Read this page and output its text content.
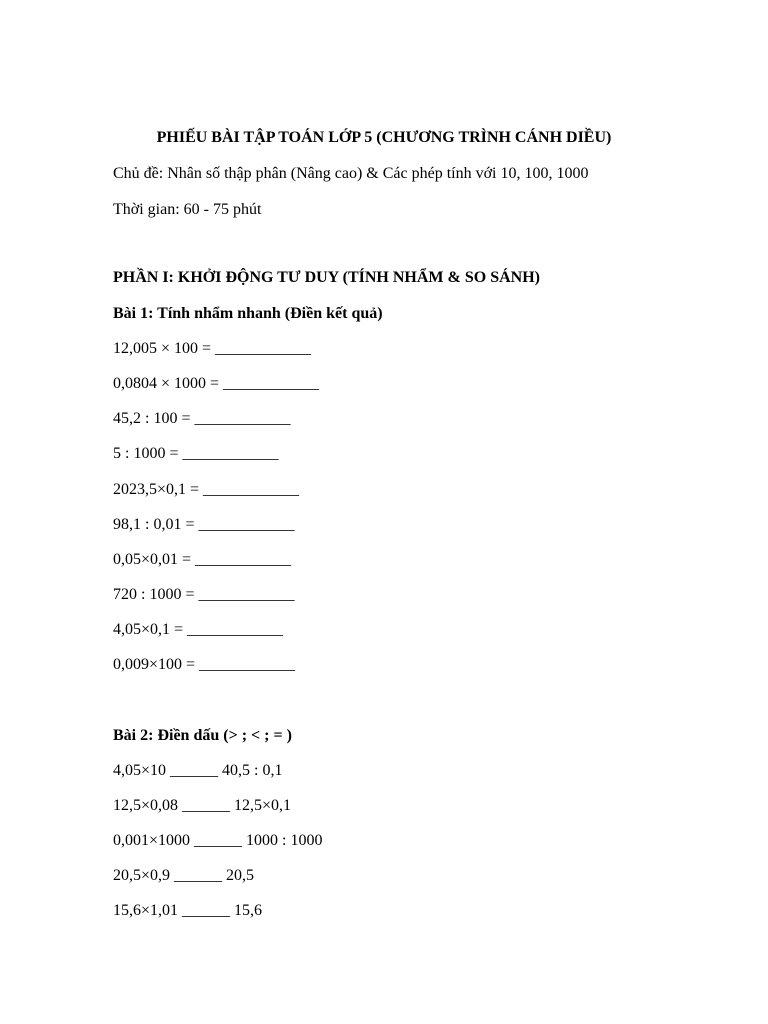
PHIẾU BÀI TẬP TOÁN LỚP 5 (CHƯƠNG TRÌNH CÁNH DIỀU)

Chủ đề: Nhân số thập phân (Nâng cao) & Các phép tính với 10, 100, 1000

Thời gian: 60 - 75 phút

PHẦN I: KHỞI ĐỘNG TƯ DUY (TÍNH NHẨM & SO SÁNH)

Bài 1: Tính nhẩm nhanh (Điền kết quả)

12,005 × 100 = ____________

0,0804 × 1000 = ____________

45,2 : 100 = ____________

5 : 1000 = ____________

2023,5×0,1 = ____________

98,1 : 0,01 = ____________

0,05×0,01 = ____________

720 : 1000 = ____________

4,05×0,1 = ____________

0,009×100 = ____________

Bài 2: Điền dấu (> ; < ; = )

4,05×10 ______ 40,5 : 0,1

12,5×0,08 ______ 12,5×0,1

0,001×1000 ______ 1000 : 1000

20,5×0,9 ______ 20,5

15,6×1,01 ______ 15,6
